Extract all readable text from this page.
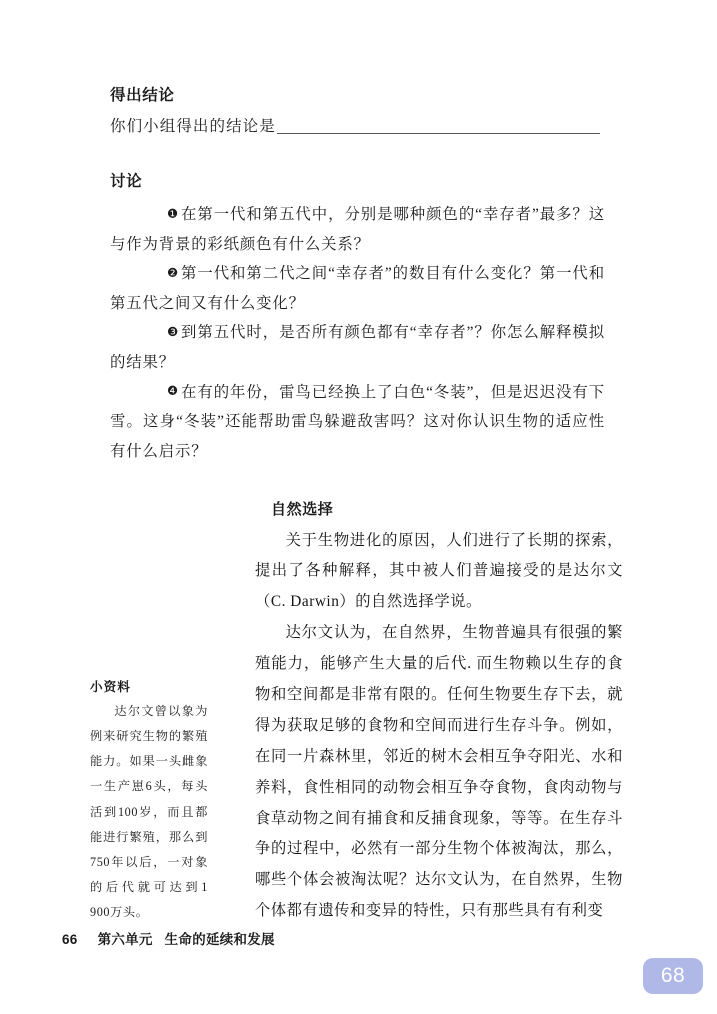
得出结论
你们小组得出的结论是
讨论

❶ 在第一代和第五代中，分别是哪种颜色的“幸存者”最多？这与作为背景的彩纸颜色有什么关系？

❷ 第一代和第二代之间“幸存者”的数目有什么变化？第一代和第五代之间又有什么变化？

❸ 到第五代时，是否所有颜色都有“幸存者”？你怎么解释模拟的结果？

❹ 在有的年份，雷鸟已经换上了白色“冬装”，但是迟迟没有下雪。这身“冬装”还能帮助雷鸟躲避敌害吗？这对你认识生物的适应性有什么启示？

小资料

达尔文曾以象为例来研究生物的繁殖能力。如果一头雌象一生产崽6头，每头活到100岁，而且都能进行繁殖，那么到750年以后，一对象的后代就可达到1 900万头。

自然选择

关于生物进化的原因，人们进行了长期的探索，提出了各种解释，其中被人们普遍接受的是达尔文（C. Darwin）的自然选择学说。

达尔文认为，在自然界，生物普遍具有很强的繁殖能力，能够产生大量的后代. 而生物赖以生存的食物和空间都是非常有限的。任何生物要生存下去，就得为获取足够的食物和空间而进行生存斗争。例如，在同一片森林里，邻近的树木会相互争夺阳光、水和养料，食性相同的动物会相互争夺食物，食肉动物与食草动物之间有捕食和反捕食现象，等等。在生存斗争的过程中，必然有一部分生物个体被淘汰，那么，哪些个体会被淘汰呢？达尔文认为，在自然界，生物个体都有遗传和变异的特性，只有那些具有有利变

66 第六单元 生命的延续和发展
68
